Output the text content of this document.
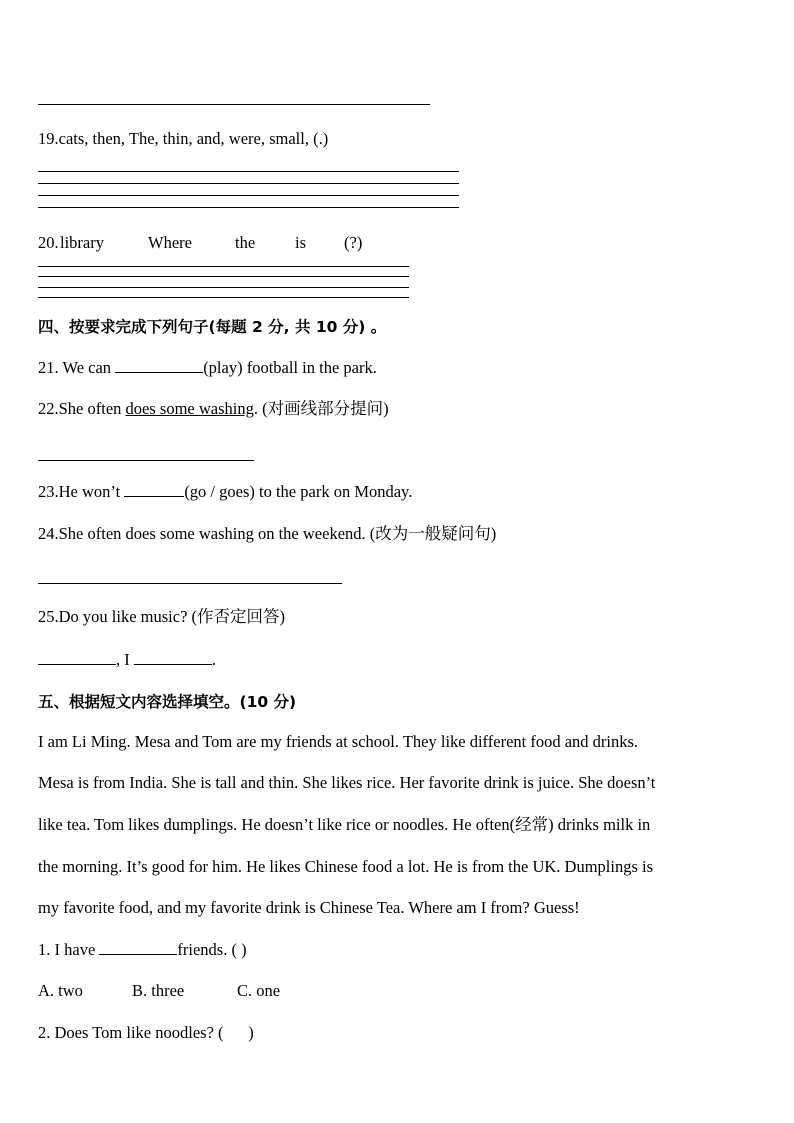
19.cats, then, The, thin, and, were, small, (.)
20. library	Where	the is (?)
四、按要求完成下列句子(每题 2 分, 共 10 分) 。
21. We can	(play) football in the park.
22.She often does some washing. (对画线部分提问)
23.He won’t	(go / goes) to the park on Monday.
24.She often does some washing on the weekend. (改为一般疑问句)
25.Do you like music? (作否定回答)
, I	.
五、根据短文内容选择填空。(10 分)
I am Li Ming. Mesa and Tom are my friends at school. They like different food and drinks.
Mesa is from India. She is tall and thin. She likes rice. Her favorite drink is juice. She doesn’t
like tea. Tom likes dumplings. He doesn’t like rice or noodles. He often(经常) drinks milk in
the morning. It’s good for him. He likes Chinese food a lot. He is from the UK. Dumplings is
my favorite food, and my favorite drink is Chinese Tea. Where am I from? Guess!
1. I have	friends. ( )
A. two	B. three	C. one
2. Does Tom like noodles? (      )
